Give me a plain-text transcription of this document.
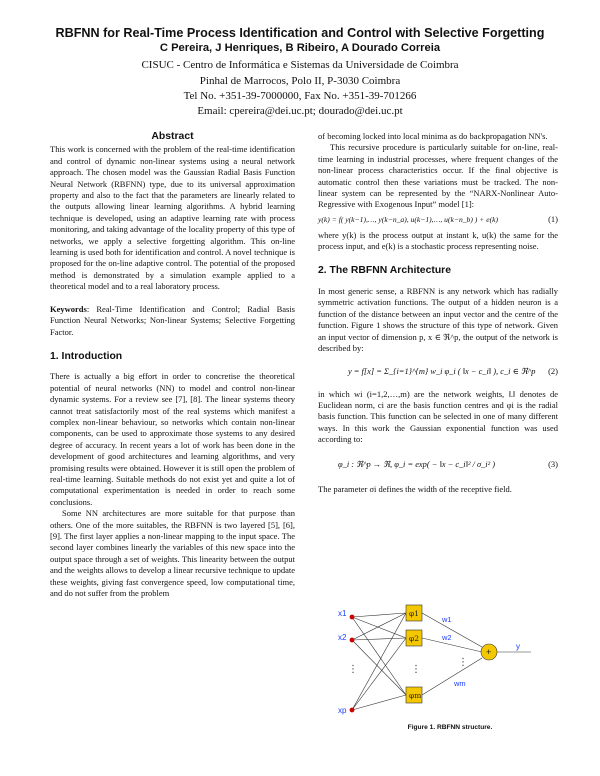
RBFNN for Real-Time Process Identification and Control with Selective Forgetting
C Pereira, J Henriques, B Ribeiro, A Dourado Correia
CISUC - Centro de Informática e Sistemas da Universidade de Coimbra
Pinhal de Marrocos, Polo II, P-3030 Coimbra
Tel No. +351-39-7000000, Fax No. +351-39-701266
Email: cpereira@dei.uc.pt; dourado@dei.uc.pt

Abstract

This work is concerned with the problem of the real-time identification and control of dynamic non-linear systems using a neural network approach. The chosen model was the Gaussian Radial Basis Function Neural Network (RBFNN) type, due to its universal approximation property and also to the fact that the parameters are linearly related to the outputs allowing linear learning algorithms. A hybrid learning technique is developed, using an adaptive learning rate with process monitoring, and taking advantage of the locality property of this type of networks, we apply a selective forgetting algorithm. This on-line learning is used both for identification and control. A novel technique is proposed for the on-line adaptive control. The potential of the proposed method is demonstrated by a simulation example applied to a theoretical model and to a real laboratory process.

Keywords: Real-Time Identification and Control; Radial Basis Function Neural Networks; Non-linear Systems; Selective Forgetting Factor.

1. Introduction

There is actually a big effort in order to concretise the theoretical potential of neural networks (NN) to model and control non-linear dynamic systems. For a review see [7], [8]. The linear systems theory cannot treat satisfactorily most of the real systems which manifest a complex non-linear behaviour, so networks which contain non-linear components, can be used to approximate those systems to any desired degree of accuracy. In recent years a lot of work has been done in the development of good architectures and learning algorithms, and very promising results were obtained. However it is still open the problem of real-time learning. Suitable methods do not exist yet and quite a lot of computational experimentation is needed in order to reach some conclusions.

Some NN architectures are more suitable for that purpose than others. One of the more suitables, the RBFNN is two layered [5], [6], [9]. The first layer applies a non-linear mapping to the input space. The second layer combines linearly the variables of this new space into the output space through a set of weights. This linearity between the output and the weights allows to develop a linear recursive technique to update these weights, giving fast convergence speed, low computational time, and do not suffer from the problem

of becoming locked into local minima as do backpropagation NN's.

This recursive procedure is particularly suitable for on-line, real-time learning in industrial processes, where frequent changes of the non-linear process characteristics occur. If the final objective is automatic control then these variations must be tracked. The non-linear system can be represented by the “NARX-Nonlinear Auto-Regressive with Exogenous Input” model [1]:

y(k) = f( y(k−1),…, y(k−n_a), u(k−1),…, u(k−n_b) ) + e(k)	(1)

where y(k) is the process output at instant k, u(k) the same for the process input, and e(k) is a stochastic process representing noise.

2. The RBFNN Architecture

In most generic sense, a RBFNN is any network which has radially symmetric activation functions. The output of a hidden neuron is a function of the distance between an input vector and the centre of the function. Figure 1 shows the structure of this type of network. Given an input vector of dimension p, x ∈ ℜ^p, the output of the network is described by:

y = f[x] = Σ_{i=1}^{m} w_i φ_i ( ‖x − c_i‖ ), c_i ∈ ℜ^p (2)

in which wi (i=1,2,…,m) are the network weights, ‖.‖ denotes de Euclidean norm, ci are the basis function centres and φi is the radial basis function. This function can be selected in one of many different ways. In this work the Gaussian exponential function was used according to:

φ_i : ℜ^p → ℜ, φ_i = exp( − ‖x − c_i‖² / σ_i² )	(3)

The parameter σi defines the width of the receptive field.

x1
x2
xp
⋮
φ1
φ2
φm
⋮
w1
w2
wm
⋮
+
y
Figure 1. RBFNN structure.
